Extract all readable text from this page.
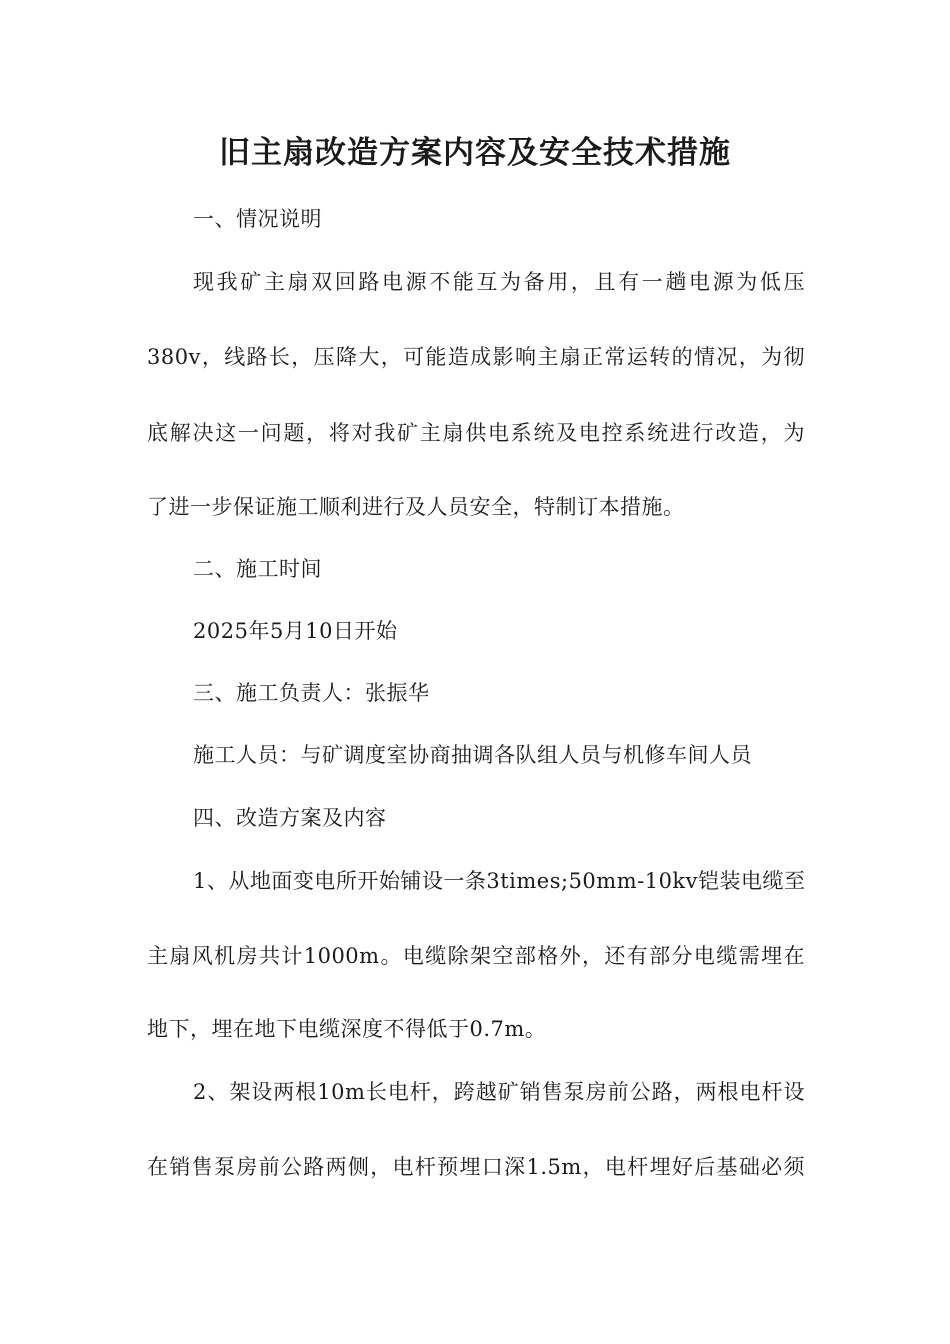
旧主扇改造方案内容及安全技术措施
一、情况说明
现我矿主扇双回路电源不能互为备用，且有一趟电源为低压
380v，线路长，压降大，可能造成影响主扇正常运转的情况，为彻
底解决这一问题，将对我矿主扇供电系统及电控系统进行改造，为
了进一步保证施工顺利进行及人员安全，特制订本措施。
二、施工时间
2025年5月10日开始
三、施工负责人：张振华
施工人员：与矿调度室协商抽调各队组人员与机修车间人员
四、改造方案及内容
1、从地面变电所开始铺设一条3times;50mm-10kv铠装电缆至
主扇风机房共计1000m。电缆除架空部格外，还有部分电缆需埋在
地下，埋在地下电缆深度不得低于0.7m。
2、架设两根10m长电杆，跨越矿销售泵房前公路，两根电杆设
在销售泵房前公路两侧，电杆预埋口深1.5m，电杆埋好后基础必须
